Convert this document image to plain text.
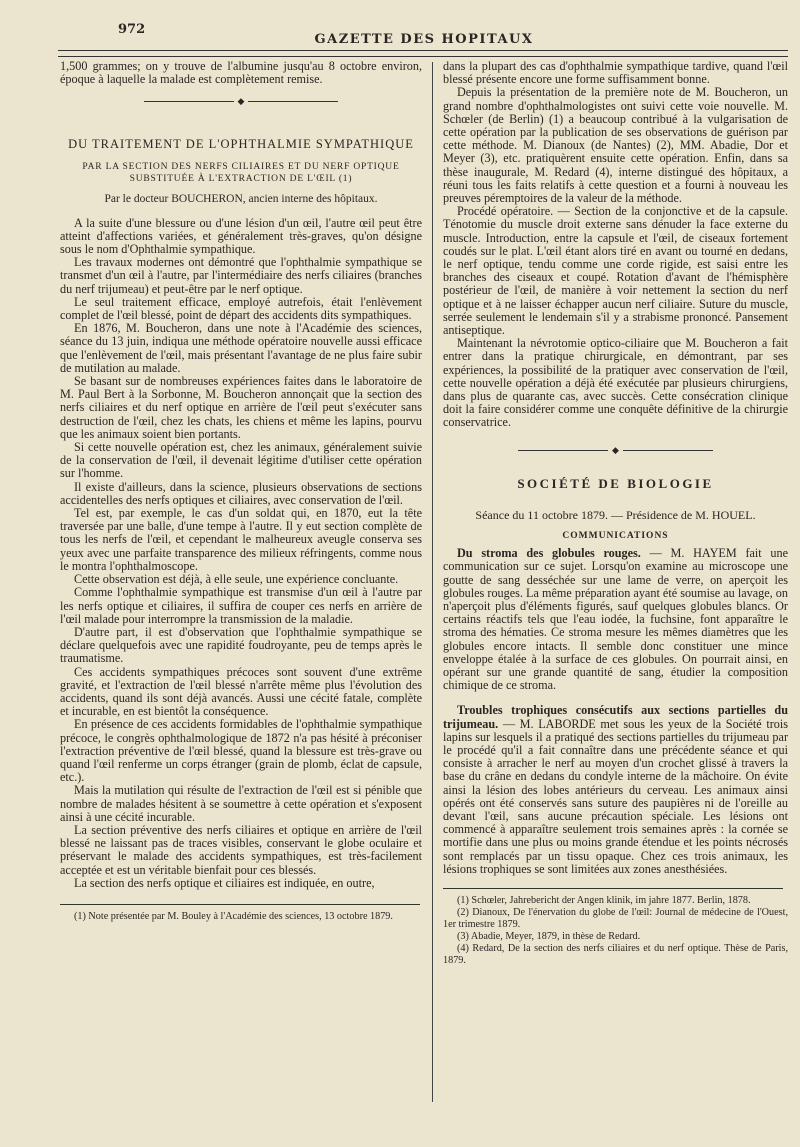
972
GAZETTE DES HOPITAUX

1,500 grammes; on y trouve de l'albumine jusqu'au 8 octobre environ, époque à laquelle la malade est complètement remise.

◆
DU TRAITEMENT DE L'OPHTHALMIE SYMPATHIQUE
PAR LA SECTION DES NERFS CILIAIRES ET DU NERF OPTIQUE SUBSTITUÉE À L'EXTRACTION DE L'ŒIL (1)
Par le docteur BOUCHERON, ancien interne des hôpitaux.

A la suite d'une blessure ou d'une lésion d'un œil, l'autre œil peut être atteint d'affections variées, et généralement très-graves, qu'on désigne sous le nom d'Ophthalmie sympathique.

Les travaux modernes ont démontré que l'ophthalmie sympathique se transmet d'un œil à l'autre, par l'intermédiaire des nerfs ciliaires (branches du nerf trijumeau) et peut-être par le nerf optique.

Le seul traitement efficace, employé autrefois, était l'enlèvement complet de l'œil blessé, point de départ des accidents dits sympathiques.

En 1876, M. Boucheron, dans une note à l'Académie des sciences, séance du 13 juin, indiqua une méthode opératoire nouvelle aussi efficace que l'enlèvement de l'œil, mais présentant l'avantage de ne plus faire subir de mutilation au malade.

Se basant sur de nombreuses expériences faites dans le laboratoire de M. Paul Bert à la Sorbonne, M. Boucheron annonçait que la section des nerfs ciliaires et du nerf optique en arrière de l'œil peut s'exécuter sans destruction de l'œil, chez les chats, les chiens et même les lapins, pourvu que les animaux soient bien portants.

Si cette nouvelle opération est, chez les animaux, généralement suivie de la conservation de l'œil, il devenait légitime d'utiliser cette opération sur l'homme.

Il existe d'ailleurs, dans la science, plusieurs observations de sections accidentelles des nerfs optiques et ciliaires, avec conservation de l'œil.

Tel est, par exemple, le cas d'un soldat qui, en 1870, eut la tête traversée par une balle, d'une tempe à l'autre. Il y eut section complète de tous les nerfs de l'œil, et cependant le malheureux aveugle conserva ses yeux avec une parfaite transparence des milieux réfringents, comme nous le montra l'ophthalmoscope.

Cette observation est déjà, à elle seule, une expérience concluante.

Comme l'ophthalmie sympathique est transmise d'un œil à l'autre par les nerfs optique et ciliaires, il suffira de couper ces nerfs en arrière de l'œil malade pour interrompre la transmission de la maladie.

D'autre part, il est d'observation que l'ophthalmie sympathique se déclare quelquefois avec une rapidité foudroyante, peu de temps après le traumatisme.

Ces accidents sympathiques précoces sont souvent d'une extrême gravité, et l'extraction de l'œil blessé n'arrête même plus l'évolution des accidents, quand ils sont déjà avancés. Aussi une cécité fatale, complète et incurable, en est bientôt la conséquence.

En présence de ces accidents formidables de l'ophthalmie sympathique précoce, le congrès ophthalmologique de 1872 n'a pas hésité à préconiser l'extraction préventive de l'œil blessé, quand la blessure est très-grave ou quand l'œil renferme un corps étranger (grain de plomb, éclat de capsule, etc.).

Mais la mutilation qui résulte de l'extraction de l'œil est si pénible que nombre de malades hésitent à se soumettre à cette opération et s'exposent ainsi à une cécité incurable.

La section préventive des nerfs ciliaires et optique en arrière de l'œil blessé ne laissant pas de traces visibles, conservant le globe oculaire et préservant le malade des accidents sympathiques, est très-facilement acceptée et est un véritable bienfait pour ces blessés.

La section des nerfs optique et ciliaires est indiquée, en outre,

(1) Note présentée par M. Bouley à l'Académie des sciences, 13 octobre 1879.

dans la plupart des cas d'ophthalmie sympathique tardive, quand l'œil blessé présente encore une forme suffisamment bonne.

Depuis la présentation de la première note de M. Boucheron, un grand nombre d'ophthalmologistes ont suivi cette voie nouvelle. M. Schœler (de Berlin) (1) a beaucoup contribué à la vulgarisation de cette opération par la publication de ses observations de guérison par cette méthode. M. Dianoux (de Nantes) (2), MM. Abadie, Dor et Meyer (3), etc. pratiquèrent ensuite cette opération. Enfin, dans sa thèse inaugurale, M. Redard (4), interne distingué des hôpitaux, a réuni tous les faits relatifs à cette question et a fourni à nouveau les preuves péremptoires de la valeur de la méthode.

Procédé opératoire. — Section de la conjonctive et de la capsule. Ténotomie du muscle droit externe sans dénuder la face externe du muscle. Introduction, entre la capsule et l'œil, de ciseaux fortement coudés sur le plat. L'œil étant alors tiré en avant ou tourné en dedans, le nerf optique, tendu comme une corde rigide, est saisi entre les branches des ciseaux et coupé. Rotation d'avant de l'hémisphère postérieur de l'œil, de manière à voir nettement la section du nerf optique et à ne laisser échapper aucun nerf ciliaire. Suture du muscle, serrée seulement le lendemain s'il y a strabisme prononcé. Pansement antiseptique.

Maintenant la névrotomie optico-ciliaire que M. Boucheron a fait entrer dans la pratique chirurgicale, en démontrant, par ses expériences, la possibilité de la pratiquer avec conservation de l'œil, cette nouvelle opération a déjà été exécutée par plusieurs chirurgiens, dans plus de quarante cas, avec succès. Cette consécration clinique doit la faire considérer comme une conquête définitive de la chirurgie conservatrice.

◆
SOCIÉTÉ DE BIOLOGIE
Séance du 11 octobre 1879. — Présidence de M. HOUEL.
COMMUNICATIONS

Du stroma des globules rouges. — M. HAYEM fait une communication sur ce sujet. Lorsqu'on examine au microscope une goutte de sang desséchée sur une lame de verre, on aperçoit les globules rouges. La même préparation ayant été soumise au lavage, on n'aperçoit plus d'éléments figurés, sauf quelques globules blancs. Or certains réactifs tels que l'eau iodée, la fuchsine, font apparaître le stroma des hématies. Ce stroma mesure les mêmes diamètres que les globules encore intacts. Il semble donc constituer une mince enveloppe étalée à la surface de ces globules. On pourrait ainsi, en opérant sur une grande quantité de sang, étudier la composition chimique de ce stroma.

Troubles trophiques consécutifs aux sections partielles du trijumeau. — M. LABORDE met sous les yeux de la Société trois lapins sur lesquels il a pratiqué des sections partielles du trijumeau par le procédé qu'il a fait connaître dans une précédente séance et qui consiste à arracher le nerf au moyen d'un crochet glissé à travers la base du crâne en dedans du condyle interne de la mâchoire. On évite ainsi la lésion des lobes antérieurs du cerveau. Les animaux ainsi opérés ont été conservés sans suture des paupières ni de l'oreille au devant l'œil, sans aucune précaution spéciale. Les lésions ont commencé à apparaître seulement trois semaines après : la cornée se mortifie dans une plus ou moins grande étendue et les points nécrosés sont remplacés par un tissu opaque. Chez ces trois animaux, les lésions trophiques se sont limitées aux zones anesthésiées.

(1) Schœler, Jahrebericht der Angen klinik, im jahre 1877. Berlin, 1878.

(2) Dianoux, De l'énervation du globe de l'œil: Journal de médecine de l'Ouest, 1er trimestre 1879.

(3) Abadie, Meyer, 1879, in thèse de Redard.

(4) Redard, De la section des nerfs ciliaires et du nerf optique. Thèse de Paris, 1879.
